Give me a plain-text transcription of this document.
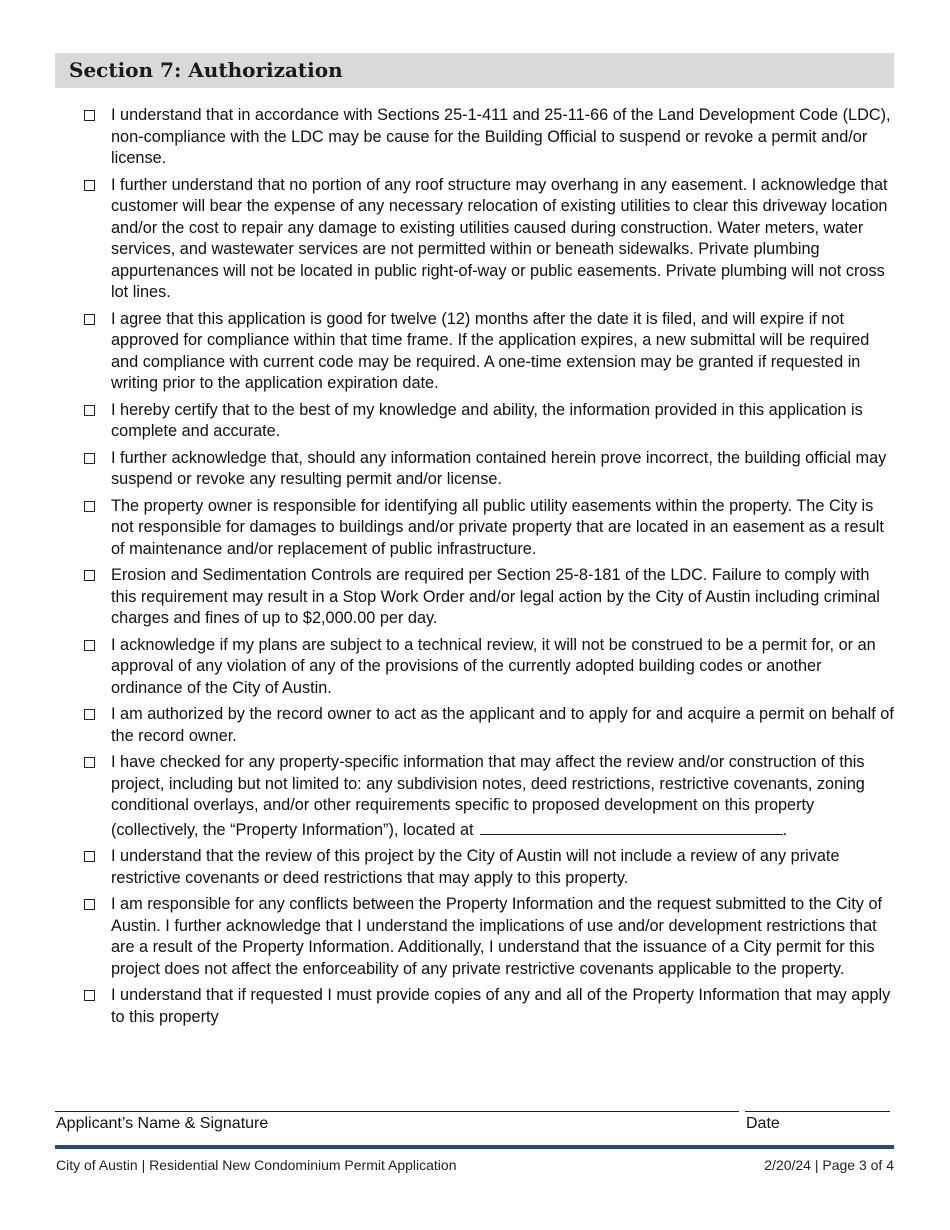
Section 7: Authorization
I understand that in accordance with Sections 25-1-411 and 25-11-66 of the Land Development Code (LDC), non-compliance with the LDC may be cause for the Building Official to suspend or revoke a permit and/or license.
I further understand that no portion of any roof structure may overhang in any easement. I acknowledge that customer will bear the expense of any necessary relocation of existing utilities to clear this driveway location and/or the cost to repair any damage to existing utilities caused during construction. Water meters, water services, and wastewater services are not permitted within or beneath sidewalks. Private plumbing appurtenances will not be located in public right-of-way or public easements. Private plumbing will not cross lot lines.
I agree that this application is good for twelve (12) months after the date it is filed, and will expire if not approved for compliance within that time frame. If the application expires, a new submittal will be required and compliance with current code may be required. A one-time extension may be granted if requested in writing prior to the application expiration date.
I hereby certify that to the best of my knowledge and ability, the information provided in this application is complete and accurate.
I further acknowledge that, should any information contained herein prove incorrect, the building official may suspend or revoke any resulting permit and/or license.
The property owner is responsible for identifying all public utility easements within the property. The City is not responsible for damages to buildings and/or private property that are located in an easement as a result of maintenance and/or replacement of public infrastructure.
Erosion and Sedimentation Controls are required per Section 25-8-181 of the LDC. Failure to comply with this requirement may result in a Stop Work Order and/or legal action by the City of Austin including criminal charges and fines of up to $2,000.00 per day.
I acknowledge if my plans are subject to a technical review, it will not be construed to be a permit for, or an approval of any violation of any of the provisions of the currently adopted building codes or another ordinance of the City of Austin.
I am authorized by the record owner to act as the applicant and to apply for and acquire a permit on behalf of the record owner.
I have checked for any property-specific information that may affect the review and/or construction of this project, including but not limited to: any subdivision notes, deed restrictions, restrictive covenants, zoning conditional overlays, and/or other requirements specific to proposed development on this property (collectively, the “Property Information”), located at	.
I understand that the review of this project by the City of Austin will not include a review of any private restrictive covenants or deed restrictions that may apply to this property.
I am responsible for any conflicts between the Property Information and the request submitted to the City of Austin. I further acknowledge that I understand the implications of use and/or development restrictions that are a result of the Property Information. Additionally, I understand that the issuance of a City permit for this project does not affect the enforceability of any private restrictive covenants applicable to the property.
I understand that if requested I must provide copies of any and all of the Property Information that may apply to this property
Applicant’s Name & Signature	Date
City of Austin | Residential New Condominium Permit Application	2/20/24 | Page 3 of 4
